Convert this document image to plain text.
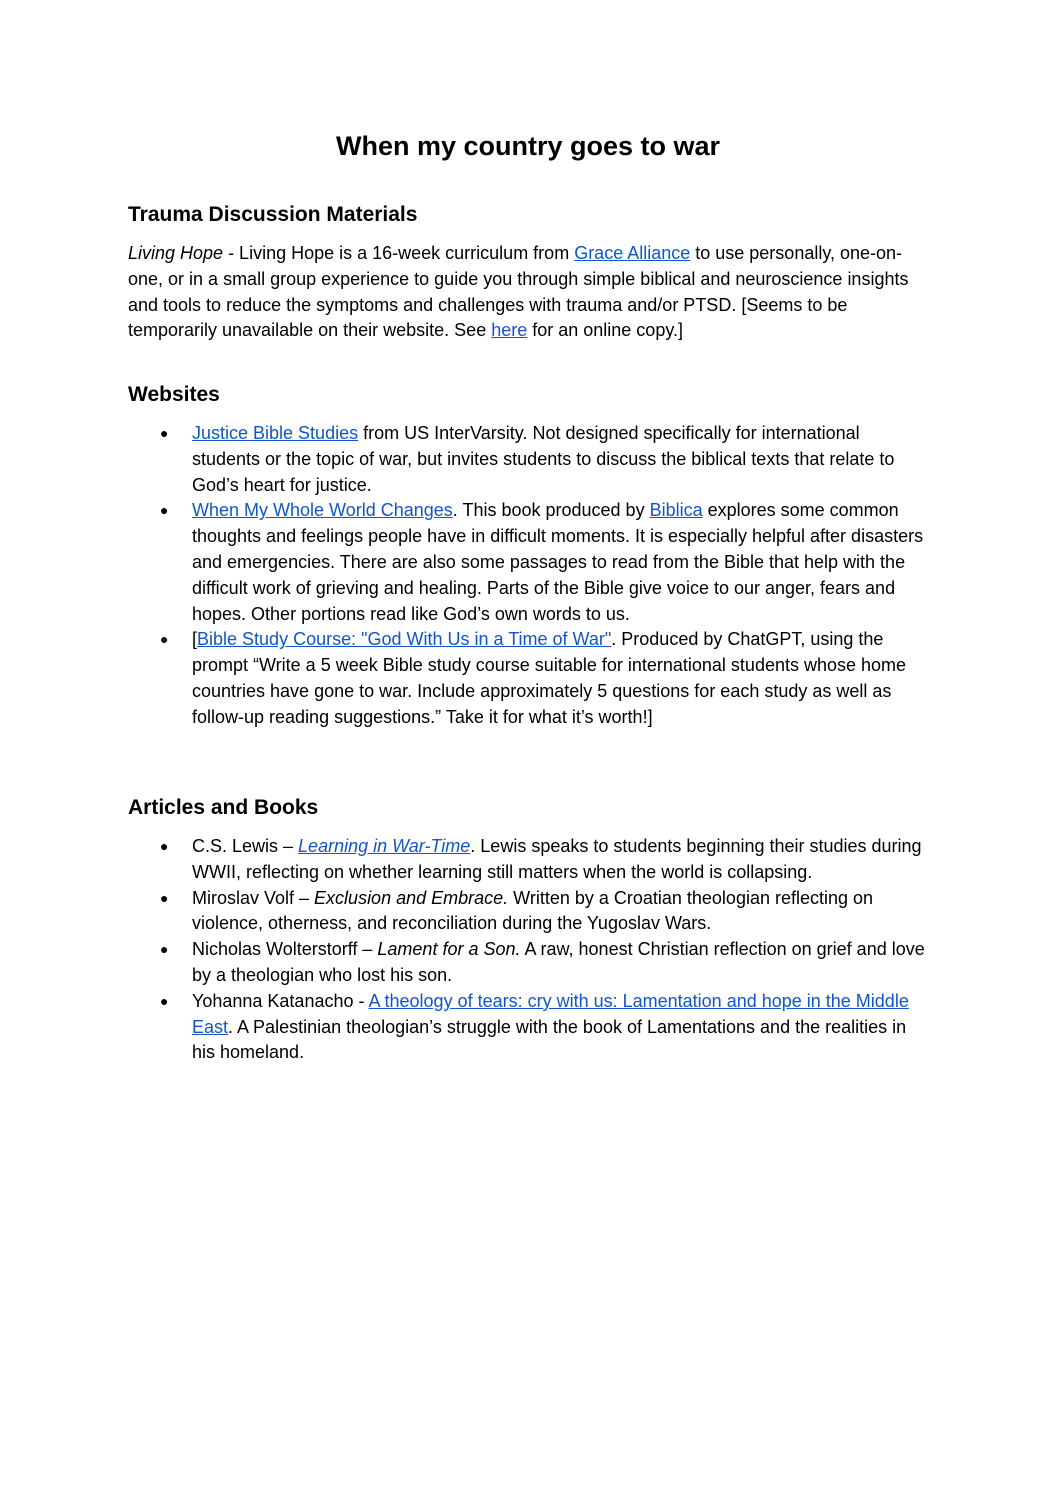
When my country goes to war
Trauma Discussion Materials

Living Hope - Living Hope is a 16-week curriculum from Grace Alliance to use personally, one-on-one, or in a small group experience to guide you through simple biblical and neuroscience insights and tools to reduce the symptoms and challenges with trauma and/or PTSD. [Seems to be temporarily unavailable on their website. See here for an online copy.]

Websites
● Justice Bible Studies from US InterVarsity. Not designed specifically for international students or the topic of war, but invites students to discuss the biblical texts that relate to God’s heart for justice.
● When My Whole World Changes. This book produced by Biblica explores some common thoughts and feelings people have in difficult moments. It is especially helpful after disasters and emergencies. There are also some passages to read from the Bible that help with the difficult work of grieving and healing. Parts of the Bible give voice to our anger, fears and hopes. Other portions read like God’s own words to us.
● [Bible Study Course: "God With Us in a Time of War". Produced by ChatGPT, using the prompt “Write a 5 week Bible study course suitable for international students whose home countries have gone to war. Include approximately 5 questions for each study as well as follow-up reading suggestions.” Take it for what it’s worth!]
Articles and Books
● C.S. Lewis – Learning in War-Time. Lewis speaks to students beginning their studies during WWII, reflecting on whether learning still matters when the world is collapsing.
● Miroslav Volf – Exclusion and Embrace. Written by a Croatian theologian reflecting on violence, otherness, and reconciliation during the Yugoslav Wars.
● Nicholas Wolterstorff – Lament for a Son. A raw, honest Christian reflection on grief and love by a theologian who lost his son.
● Yohanna Katanacho - A theology of tears: cry with us: Lamentation and hope in the Middle East. A Palestinian theologian’s struggle with the book of Lamentations and the realities in his homeland.
